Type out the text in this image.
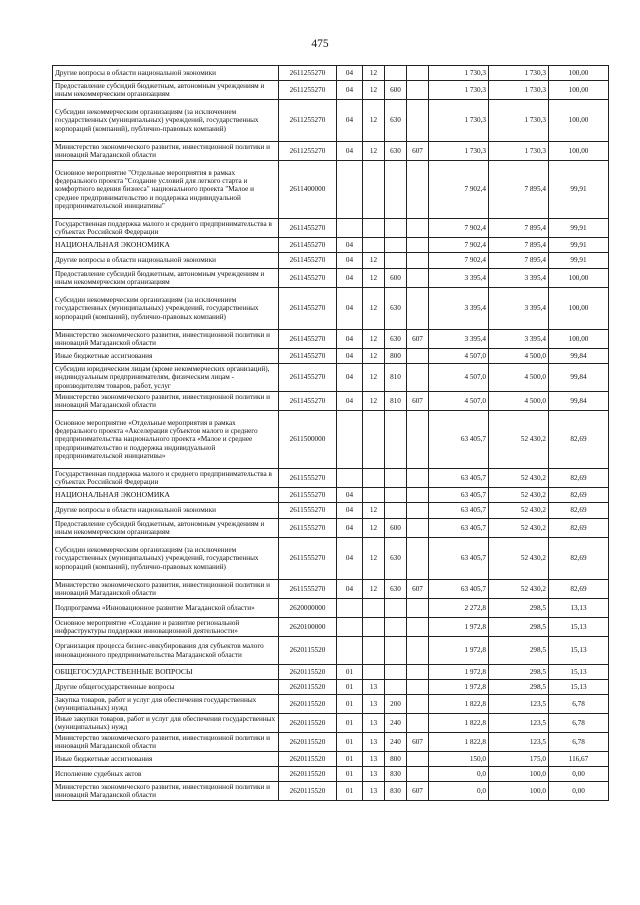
475
Другие вопросы в области национальной экономики	2611255270	04	12			1 730,3	1 730,3	100,00
Предоставление субсидий бюджетным, автономным учреждениям и иным некоммерческим организациям	2611255270	04	12	600		1 730,3	1 730,3	100,00
Субсидии некоммерческим организациям (за исключением государственных (муниципальных) учреждений, государственных корпораций (компаний), публично-правовых компаний)	2611255270	04	12	630		1 730,3	1 730,3	100,00
Министерство экономического развития, инвестиционной политики и инноваций Магаданской области	2611255270	04	12	630	607	1 730,3	1 730,3	100,00
Основное мероприятие "Отдельные мероприятия в рамках федерального проекта "Создание условий для легкого старта и комфортного ведения бизнеса" национального проекта "Малое и среднее предпринимательство и поддержка индивидуальной предпринимательской инициативы"	2611400000					7 902,4	7 895,4	99,91
Государственная поддержка малого и среднего предпринимательства в субъектах Российской Федерации	2611455270					7 902,4	7 895,4	99,91
НАЦИОНАЛЬНАЯ ЭКОНОМИКА	2611455270	04				7 902,4	7 895,4	99,91
Другие вопросы в области национальной экономики	2611455270	04	12			7 902,4	7 895,4	99,91
Предоставление субсидий бюджетным, автономным учреждениям и иным некоммерческим организациям	2611455270	04	12	600		3 395,4	3 395,4	100,00
Субсидии некоммерческим организациям (за исключением государственных (муниципальных) учреждений, государственных корпораций (компаний), публично-правовых компаний)	2611455270	04	12	630		3 395,4	3 395,4	100,00
Министерство экономического развития, инвестиционной политики и инноваций Магаданской области	2611455270	04	12	630	607	3 395,4	3 395,4	100,00
Иные бюджетные ассигнования	2611455270	04	12	800		4 507,0	4 500,0	99,84
Субсидии юридическим лицам (кроме некоммерческих организаций), индивидуальным предпринимателям, физическим лицам - производителям товаров, работ, услуг	2611455270	04	12	810		4 507,0	4 500,0	99,84
Министерство экономического развития, инвестиционной политики и инноваций Магаданской области	2611455270	04	12	810	607	4 507,0	4 500,0	99,84
Основное мероприятие «Отдельные мероприятия в рамках федерального проекта «Акселерация субъектов малого и среднего предпринимательства национального проекта «Малое и среднее предпринимательство и поддержка индивидуальной предпринимательской инициативы»	2611500000					63 405,7	52 430,2	82,69
Государственная поддержка малого и среднего предпринимательства в субъектах Российской Федерации	2611555270					63 405,7	52 430,2	82,69
НАЦИОНАЛЬНАЯ ЭКОНОМИКА	2611555270	04				63 405,7	52 430,2	82,69
Другие вопросы в области национальной экономики	2611555270	04	12			63 405,7	52 430,2	82,69
Предоставление субсидий бюджетным, автономным учреждениям и иным некоммерческим организациям	2611555270	04	12	600		63 405,7	52 430,2	82,69
Субсидии некоммерческим организациям (за исключением государственных (муниципальных) учреждений, государственных корпораций (компаний), публично-правовых компаний)	2611555270	04	12	630		63 405,7	52 430,2	82,69
Министерство экономического развития, инвестиционной политики и инноваций Магаданской области	2611555270	04	12	630	607	63 405,7	52 430,2	82,69
Подпрограмма «Инновационное развитие Магаданской области»	2620000000					2 272,8	298,5	13,13
Основное мероприятие «Создание и развитие региональной инфраструктуры поддержки инновационной деятельности»	2620100000					1 972,8	298,5	15,13
Организация процесса бизнес-инкубирования для субъектов малого инновационного предпринимательства Магаданской области	2620115520					1 972,8	298,5	15,13
ОБЩЕГОСУДАРСТВЕННЫЕ ВОПРОСЫ	2620115520	01				1 972,8	298,5	15,13
Другие общегосударственные вопросы	2620115520	01	13			1 972,8	298,5	15,13
Закупка товаров, работ и услуг для обеспечения государственных (муниципальных) нужд	2620115520	01	13	200		1 822,8	123,5	6,78
Иные закупки товаров, работ и услуг для обеспечения государственных (муниципальных) нужд	2620115520	01	13	240		1 822,8	123,5	6,78
Министерство экономического развития, инвестиционной политики и инноваций Магаданской области	2620115520	01	13	240	607	1 822,8	123,5	6,78
Иные бюджетные ассигнования	2620115520	01	13	800		150,0	175,0	116,67
Исполнение судебных актов	2620115520	01	13	830		0,0	100,0	0,00
Министерство экономического развития, инвестиционной политики и инноваций Магаданской области	2620115520	01	13	830	607	0,0	100,0	0,00
